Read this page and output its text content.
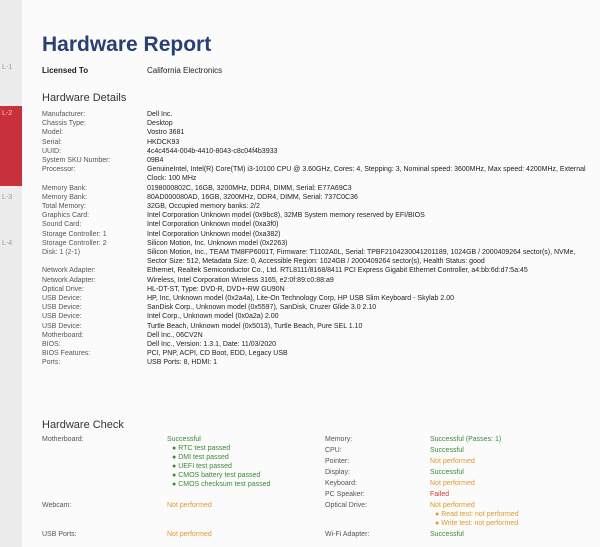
L-1
L-2
L-3
L-4
Hardware Report
Licensed To	California Electronics
Hardware Details
Manufacturer:	Dell Inc.
Chassis Type:	Desktop
Model:	Vostro 3681
Serial:	HKDCK93
UUID:	4c4c4544-004b-4410-8043-c8c04f4b3933
System SKU Number:	09B4
Processor:	GenuineIntel, Intel(R) Core(TM) i3-10100 CPU @ 3.60GHz, Cores: 4, Stepping: 3, Nominal speed: 3600MHz, Max speed: 4200MHz, External Clock: 100 MHz
Memory Bank:	0198000802C, 16GB, 3200MHz, DDR4, DIMM, Serial: E77A69C3
Memory Bank:	80AD000080AD, 16GB, 3200MHz, DDR4, DIMM, Serial: 737C0C36
Total Memory:	32GB, Occupied memory banks: 2/2
Graphics Card:	Intel Corporation Unknown model (0x9bc8), 32MB System memory reserved by EFI/BIOS
Sound Card:	Intel Corporation Unknown model (0xa3f0)
Storage Controller: 1	Intel Corporation Unknown model (0xa382)
Storage Controller: 2	Silicon Motion, Inc. Unknown model (0x2263)
Disk: 1 (2-1)	Silicon Motion, Inc., TEAM TM8FP6001T, Firmware: T1102A0L, Serial: TPBF2104230041201189, 1024GB / 2000409264 sector(s), NVMe, Sector Size: 512, Metadata Size: 0, Accessible Region: 1024GB / 2000409264 sector(s), Health Status: good
Network Adapter:	Ethernet, Realtek Semiconductor Co., Ltd. RTL8111/8168/8411 PCI Express Gigabit Ethernet Controller, a4:bb:6d:d7:5a:45
Network Adapter:	Wireless, Intel Corporation Wireless 3165, e2:0f:89:c0:88:a9
Optical Drive:	HL-DT-ST, Type: DVD-R, DVD+-RW GU90N
USB Device:	HP, Inc, Unknown model (0x2a4a), Lite-On Technology Corp, HP USB Slim Keyboard - Skylab 2.00
USB Device:	SanDisk Corp., Unknown model (0x5597), SanDisk, Cruzer Glide 3.0 2.10
USB Device:	Intel Corp., Unknown model (0x0a2a) 2.00
USB Device:	Turtle Beach, Unknown model (0x5013), Turtle Beach, Pure SEL 1.10
Motherboard:	Dell Inc., 06CV2N
BIOS:	Dell Inc., Version: 1.3.1, Date: 11/03/2020
BIOS Features:	PCI, PNP, ACPI, CD Boot, EDD, Legacy USB
Ports:	USB Ports: 8, HDMI: 1
Hardware Check
Motherboard:	Successful
● RTC test passed
● DMI test passed
● UEFI test passed
● CMOS battery test passed
● CMOS checksum test passed
Webcam:	Not performed
USB Ports:	Not performed
Memory:	Successful (Passes: 1)
CPU:	Successful
Pointer:	Not performed
Display:	Successful
Keyboard:	Not performed
PC Speaker:	Failed
Optical Drive:	Not performed
● Read test: not performed
● Write test: not performed
Wi-Fi Adapter:	Successful
